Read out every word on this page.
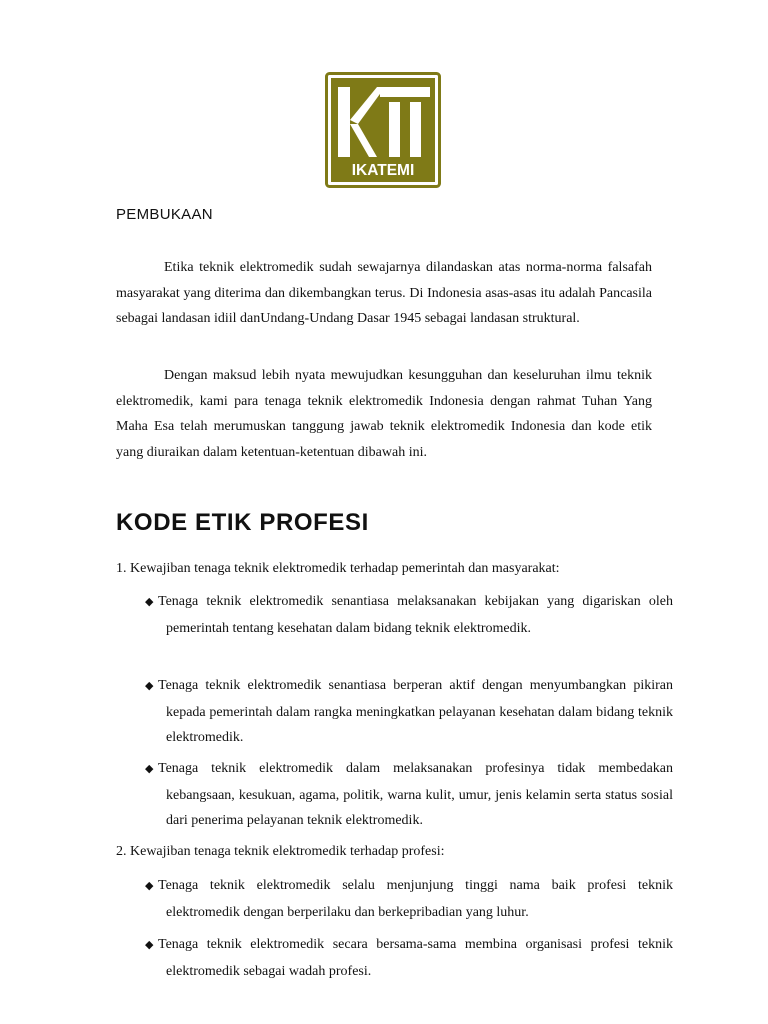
IKATEMI
PEMBUKAAN

Etika teknik elektromedik sudah sewajarnya dilandaskan atas norma-norma falsafah masyarakat yang diterima dan dikembangkan terus. Di Indonesia asas-asas itu adalah Pancasila sebagai landasan idiil danUndang-Undang Dasar 1945 sebagai landasan struktural.

Dengan maksud lebih nyata mewujudkan kesungguhan dan keseluruhan ilmu teknik elektromedik, kami para tenaga teknik elektromedik Indonesia dengan rahmat Tuhan Yang Maha Esa telah merumuskan tanggung jawab teknik elektromedik Indonesia dan kode etik yang diuraikan dalam ketentuan-ketentuan dibawah ini.

KODE ETIK PROFESI

1. Kewajiban tenaga teknik elektromedik terhadap pemerintah dan masyarakat:

◆ Tenaga teknik elektromedik senantiasa melaksanakan kebijakan yang digariskan oleh pemerintah tentang kesehatan dalam bidang teknik elektromedik.

◆ Tenaga teknik elektromedik senantiasa berperan aktif dengan menyumbangkan pikiran kepada pemerintah dalam rangka meningkatkan pelayanan kesehatan dalam bidang teknik elektromedik.

◆ Tenaga teknik elektromedik dalam melaksanakan profesinya tidak membedakan kebangsaan, kesukuan, agama, politik, warna kulit, umur, jenis kelamin serta status sosial dari penerima pelayanan teknik elektromedik.

2. Kewajiban tenaga teknik elektromedik terhadap profesi:

◆ Tenaga teknik elektromedik selalu menjunjung tinggi nama baik profesi teknik elektromedik dengan berperilaku dan berkepribadian yang luhur.

◆ Tenaga teknik elektromedik secara bersama-sama membina organisasi profesi teknik elektromedik sebagai wadah profesi.
